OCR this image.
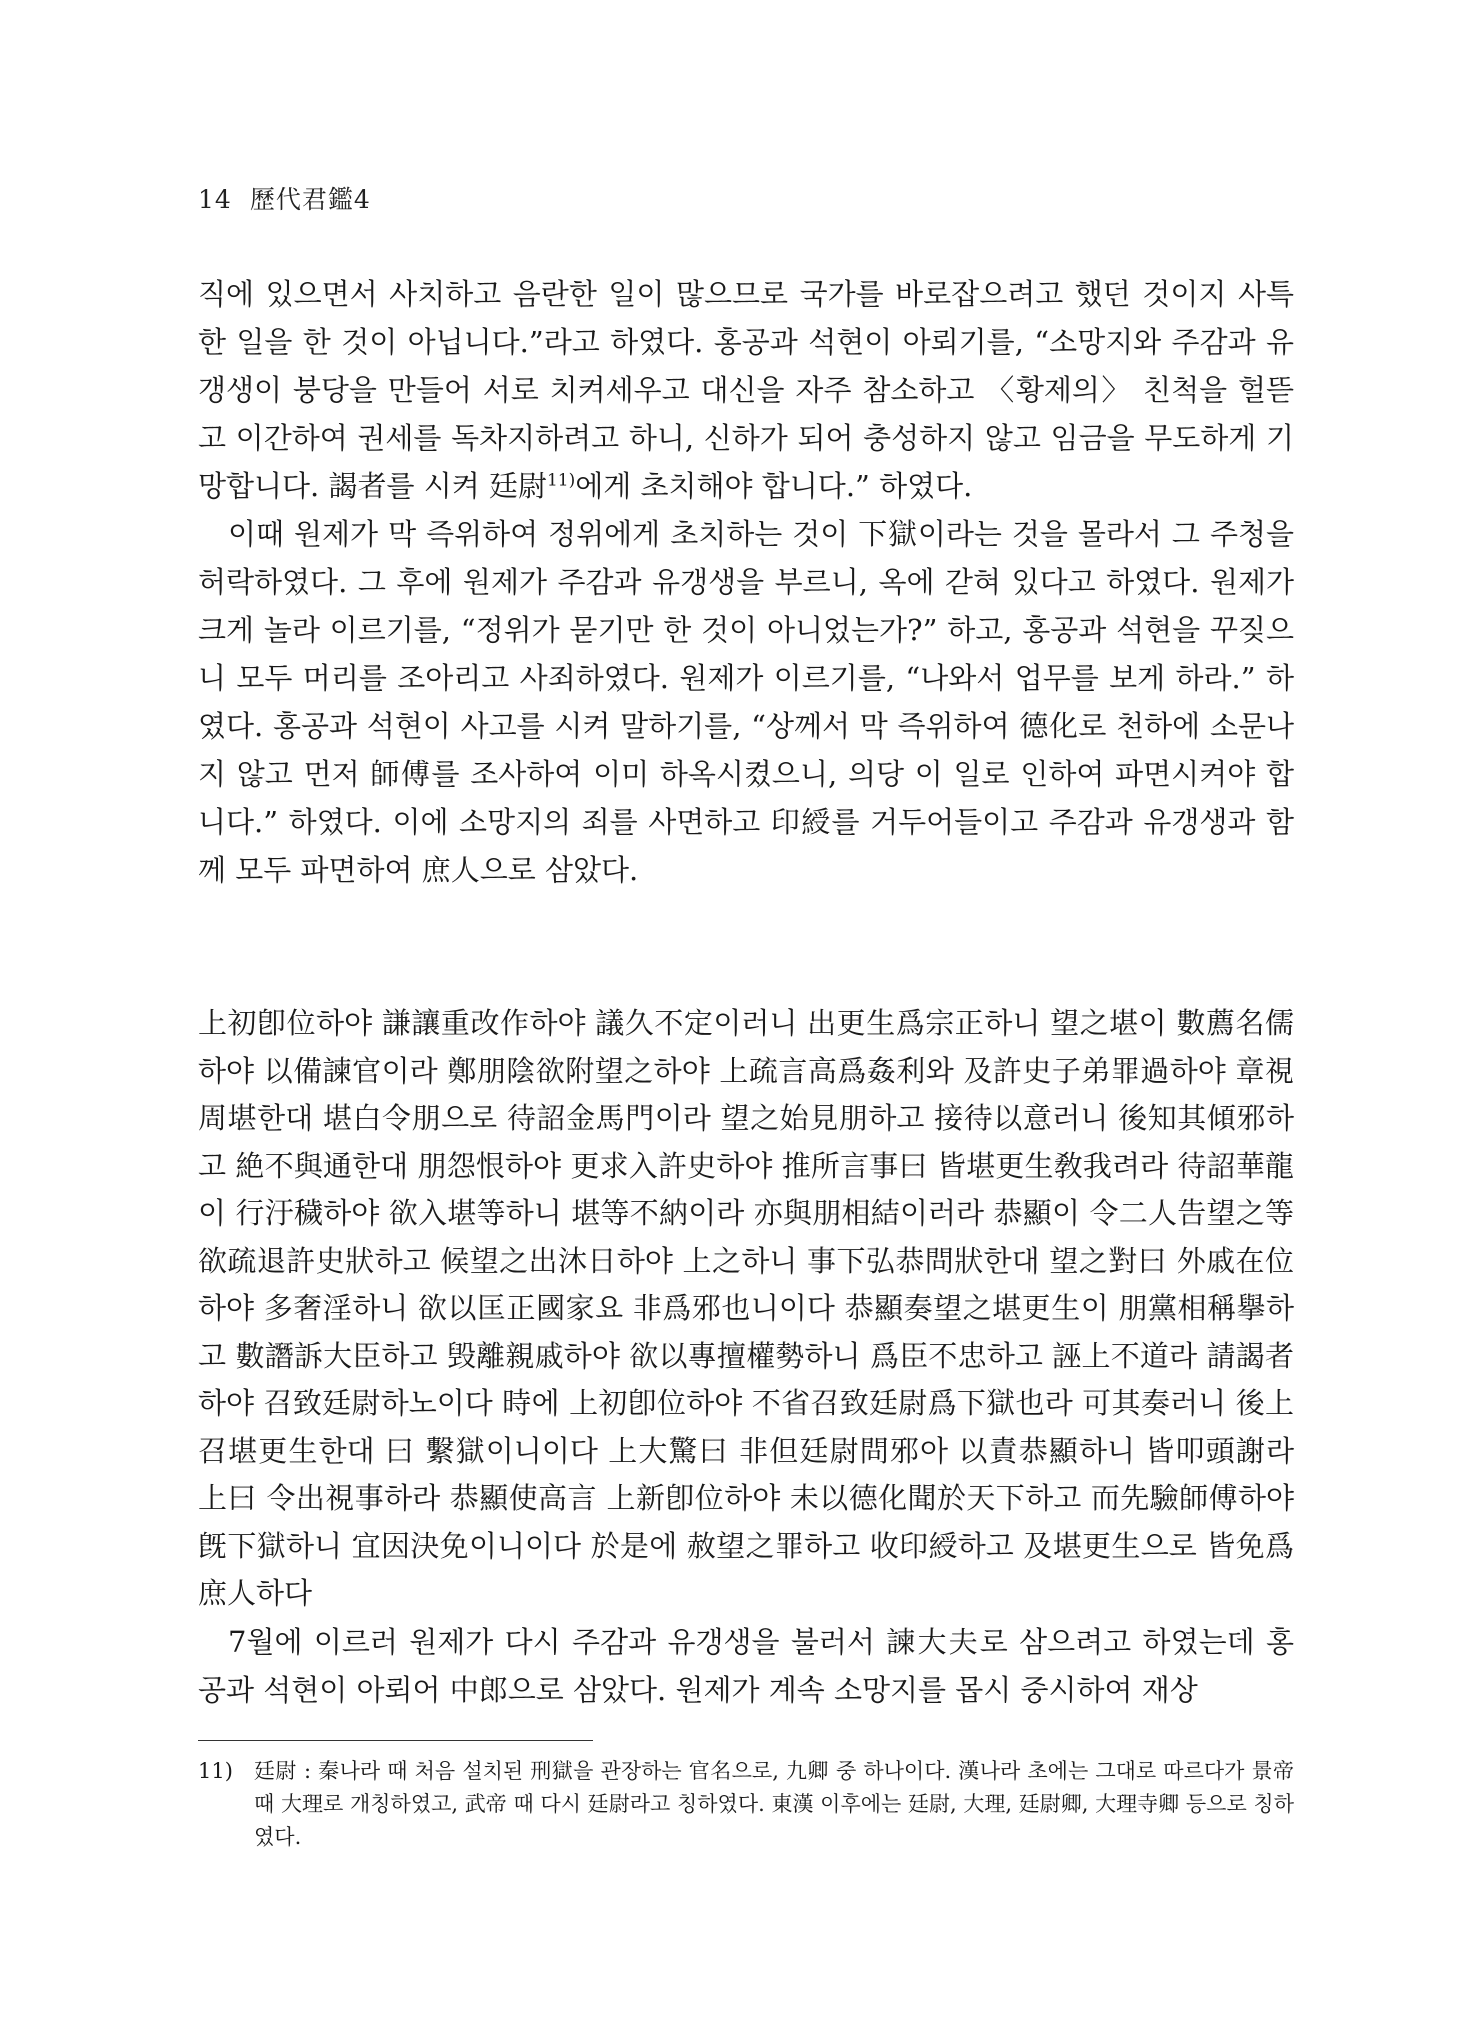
14 歷代君鑑4

직에 있으면서 사치하고 음란한 일이 많으므로 국가를 바로잡으려고 했던 것이지 사특한 일을 한 것이 아닙니다.”라고 하였다. 홍공과 석현이 아뢰기를, “소망지와 주감과 유갱생이 붕당을 만들어 서로 치켜세우고 대신을 자주 참소하고 〈황제의〉 친척을 헐뜯고 이간하여 권세를 독차지하려고 하니, 신하가 되어 충성하지 않고 임금을 무도하게 기망합니다. 謁者를 시켜 廷尉$^{11)}$에게 초치해야 합니다.” 하였다.

이때 원제가 막 즉위하여 정위에게 초치하는 것이 下獄이라는 것을 몰라서 그 주청을 허락하였다. 그 후에 원제가 주감과 유갱생을 부르니, 옥에 갇혀 있다고 하였다. 원제가 크게 놀라 이르기를, “정위가 묻기만 한 것이 아니었는가?” 하고, 홍공과 석현을 꾸짖으니 모두 머리를 조아리고 사죄하였다. 원제가 이르기를, “나와서 업무를 보게 하라.” 하였다. 홍공과 석현이 사고를 시켜 말하기를, “상께서 막 즉위하여 德化로 천하에 소문나지 않고 먼저 師傅를 조사하여 이미 하옥시켰으니, 의당 이 일로 인하여 파면시켜야 합니다.” 하였다. 이에 소망지의 죄를 사면하고 印綬를 거두어들이고 주감과 유갱생과 함께 모두 파면하여 庶人으로 삼았다.

上初卽位하야 謙讓重改作하야 議久不定이러니 出更生爲宗正하니 望之堪이 數薦名儒하야 以備諫官이라 鄭朋陰欲附望之하야 上疏言高爲姦利와 及許史子弟罪過하야 章視周堪한대 堪白令朋으로 待詔金馬門이라 望之始見朋하고 接待以意러니 後知其傾邪하고 絶不與通한대 朋怨恨하야 更求入許史하야 推所言事曰 皆堪更生敎我려라 待詔華龍이 行汙穢하야 欲入堪等하니 堪等不納이라 亦與朋相結이러라 恭顯이 令二人告望之等欲疏退許史狀하고 候望之出沐日하야 上之하니 事下弘恭問狀한대 望之對曰 外戚在位하야 多奢淫하니 欲以匡正國家요 非爲邪也니이다 恭顯奏望之堪更生이 朋黨相稱擧하고 數譖訴大臣하고 毁離親戚하야 欲以專擅權勢하니 爲臣不忠하고 誣上不道라 請謁者하야 召致廷尉하노이다 時에 上初卽位하야 不省召致廷尉爲下獄也라 可其奏러니 後上召堪更生한대 曰 繫獄이니이다 上大驚曰 非但廷尉問邪아 以責恭顯하니 皆叩頭謝라 上曰 令出視事하라 恭顯使高言 上新卽位하야 未以德化聞於天下하고 而先驗師傅하야 旣下獄하니 宜因決免이니이다 於是에 赦望之罪하고 收印綬하고 及堪更生으로 皆免爲庶人하다

7월에 이르러 원제가 다시 주감과 유갱생을 불러서 諫大夫로 삼으려고 하였는데 홍공과 석현이 아뢰어 中郎으로 삼았다. 원제가 계속 소망지를 몹시 중시하여 재상

11)	廷尉 : 秦나라 때 처음 설치된 刑獄을 관장하는 官名으로, 九卿 중 하나이다. 漢나라 초에는 그대로 따르다가 景帝 때 大理로 개칭하였고, 武帝 때 다시 廷尉라고 칭하였다. 東漢 이후에는 廷尉, 大理, 廷尉卿, 大理寺卿 등으로 칭하였다.
